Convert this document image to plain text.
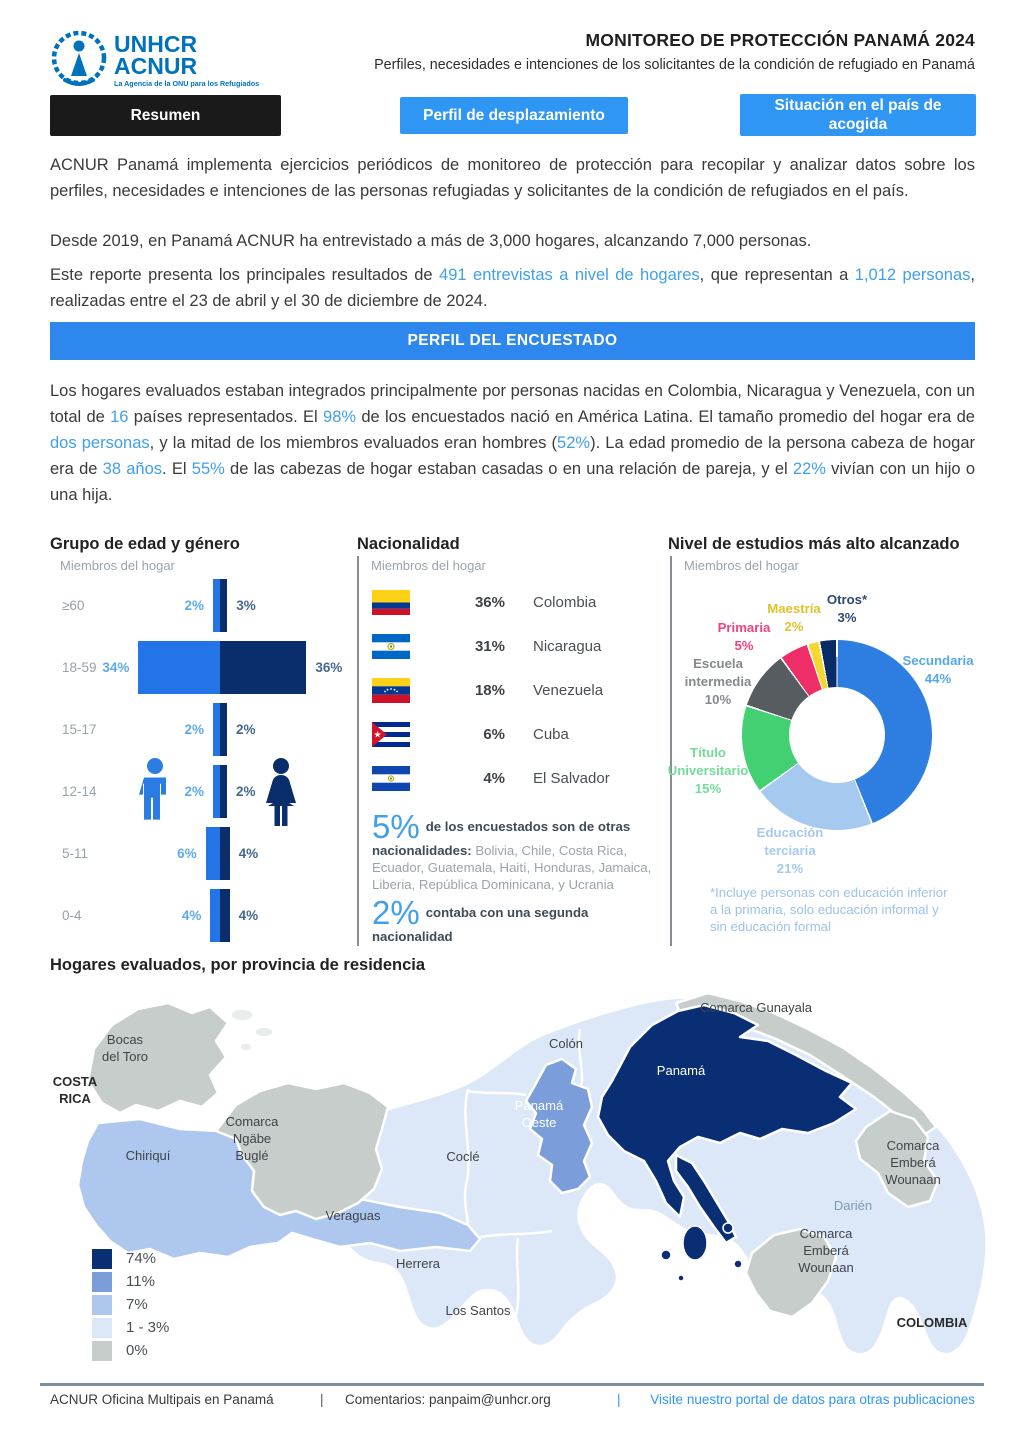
UNHCR
ACNUR
La Agencia de la ONU para los Refugiados
MONITOREO DE PROTECCIÓN PANAMÁ 2024
Perfiles, necesidades e intenciones de los solicitantes de la condición de refugiado en Panamá
Resumen	Perfil de desplazamiento
Situación en el país de acogida
ACNUR Panamá implementa ejercicios periódicos de monitoreo de protección para recopilar y analizar datos sobre los perfiles, necesidades e intenciones de las personas refugiadas y solicitantes de la condición de refugiados en el país.
Desde 2019, en Panamá ACNUR ha entrevistado a más de 3,000 hogares, alcanzando 7,000 personas.
Este reporte presenta los principales resultados de 491 entrevistas a nivel de hogares, que representan a 1,012 personas, realizadas entre el 23 de abril y el 30 de diciembre de 2024.
PERFIL DEL ENCUESTADO
Los hogares evaluados estaban integrados principalmente por personas nacidas en Colombia, Nicaragua y Venezuela, con un total de 16 países representados. El 98% de los encuestados nació en América Latina. El tamaño promedio del hogar era de dos personas, y la mitad de los miembros evaluados eran hombres (52%). La edad promedio de la persona cabeza de hogar era de 38 años. El 55% de las cabezas de hogar estaban casadas o en una relación de pareja, y el 22% vivían con un hijo o una hija.
Grupo de edad y género
Miembros del hogar
≥60	2% 3%
18-59 34%	36%
15-17	2% 2%
12-14	2% 2%
5-11	6%	4%
0-4	4%	4%
Nacionalidad
Miembros del hogar
36% Colombia
31% Nicaragua
18% Venezuela
6% Cuba
4% El Salvador
5% de los encuestados son de otras nacionalidades: Bolivia, Chile, Costa Rica, Ecuador, Guatemala, Haití, Honduras, Jamaica, Liberia, República Dominicana, y Ucrania
2% contaba con una segunda nacionalidad
Nivel de estudios más alto alcanzado
Miembros del hogar
Otros*
3%
Maestría
2%
Primaria
5%
Escuela
intermedia
10%
Título
Universitario
15%
Educación
terciaria
21%
Secundaria
44%
*Incluye personas con educación inferior
a la primaria, solo educación informal y
sin educación formal
Hogares evaluados, por provincia de residencia
COSTA
RICA
COLOMBIA
Bocas
del Toro
Chiriquí
Comarca
Ngäbe
Buglé
Veraguas
Coclé
Herrera
Los Santos
Colón
Panamá
Panamá
Oeste
Comarca Gunayala
Comarca
Emberá
Wounaan
Darién
Comarca
Emberá
Wounaan
74%
11%
7%
1 - 3%
0%
ACNUR Oficina Multipais en Panamá	| Comentarios: panpaim@unhcr.org	| Visite nuestro portal de datos para otras publicaciones
